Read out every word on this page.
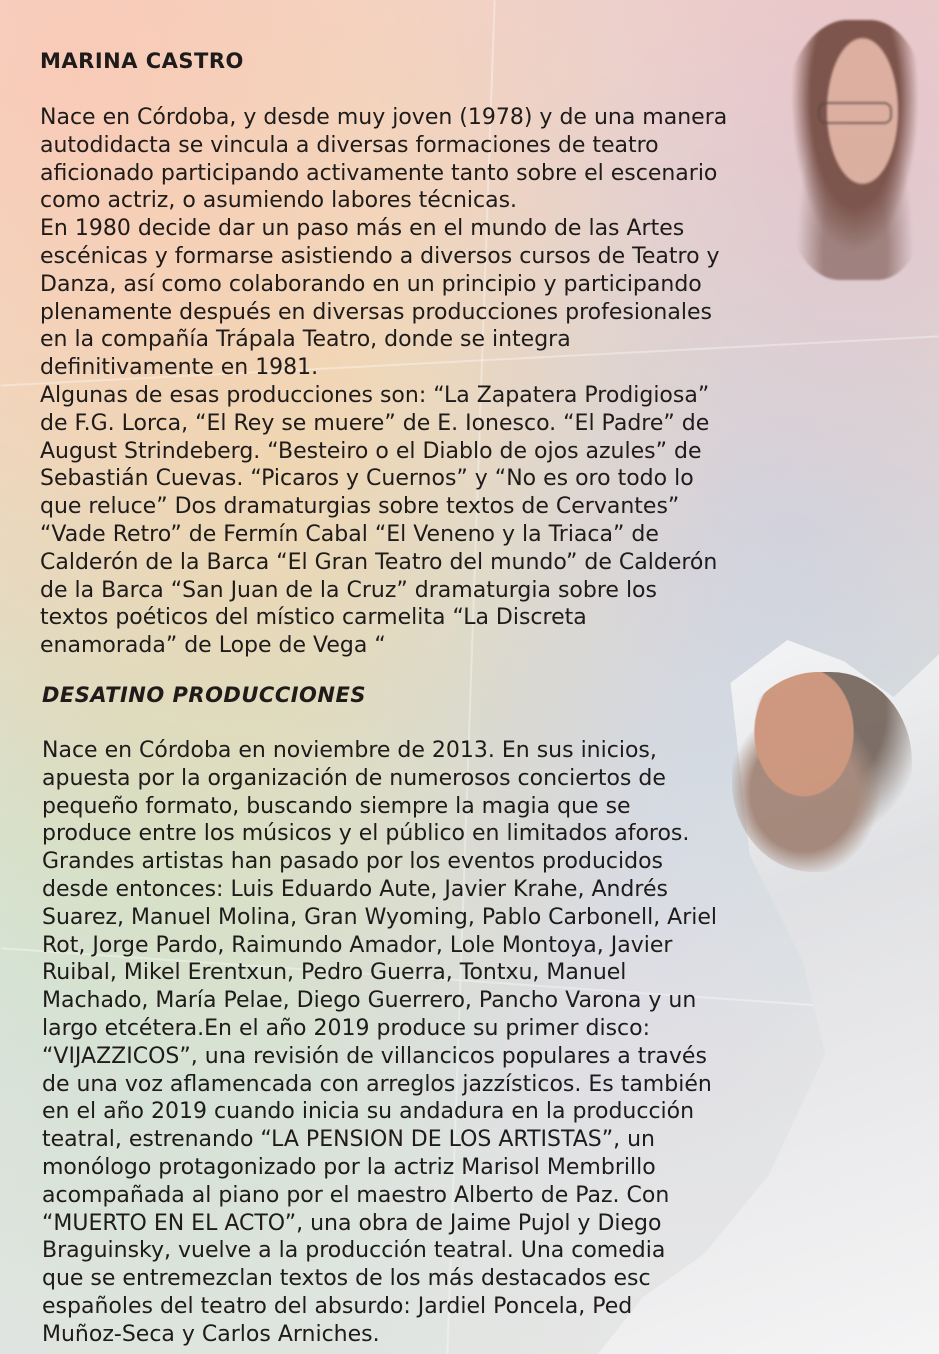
MARINA CASTRO

Nace en Córdoba, y desde muy joven (1978) y de una manera
autodidacta se vincula a diversas formaciones de teatro
aficionado participando activamente tanto sobre el escenario
como actriz, o asumiendo labores técnicas.
En 1980 decide dar un paso más en el mundo de las Artes
escénicas y formarse asistiendo a diversos cursos de Teatro y
Danza, así como colaborando en un principio y participando
plenamente después en diversas producciones profesionales
en la compañía Trápala Teatro, donde se integra
definitivamente en 1981.
Algunas de esas producciones son: “La Zapatera Prodigiosa”
de F.G. Lorca, “El Rey se muere” de E. Ionesco. “El Padre” de
August Strindeberg. “Besteiro o el Diablo de ojos azules” de
Sebastián Cuevas. “Picaros y Cuernos” y “No es oro todo lo
que reluce” Dos dramaturgias sobre textos de Cervantes”
“Vade Retro” de Fermín Cabal “El Veneno y la Triaca” de
Calderón de la Barca “El Gran Teatro del mundo” de Calderón
de la Barca “San Juan de la Cruz” dramaturgia sobre los
textos poéticos del místico carmelita “La Discreta
enamorada” de Lope de Vega “

DESATINO PRODUCCIONES

Nace en Córdoba en noviembre de 2013. En sus inicios,
apuesta por la organización de numerosos conciertos de
pequeño formato, buscando siempre la magia que se
produce entre los músicos y el público en limitados aforos.
Grandes artistas han pasado por los eventos producidos
desde entonces: Luis Eduardo Aute, Javier Krahe, Andrés
Suarez, Manuel Molina, Gran Wyoming, Pablo Carbonell, Ariel
Rot, Jorge Pardo, Raimundo Amador, Lole Montoya, Javier
Ruibal, Mikel Erentxun, Pedro Guerra, Tontxu, Manuel
Machado, María Pelae, Diego Guerrero, Pancho Varona y un
largo etcétera.En el año 2019 produce su primer disco:
“VIJAZZICOS”, una revisión de villancicos populares a través
de una voz aflamencada con arreglos jazzísticos. Es también
en el año 2019 cuando inicia su andadura en la producción
teatral, estrenando “LA PENSION DE LOS ARTISTAS”, un
monólogo protagonizado por la actriz Marisol Membrillo
acompañada al piano por el maestro Alberto de Paz. Con
“MUERTO EN EL ACTO”, una obra de Jaime Pujol y Diego
Braguinsky, vuelve a la producción teatral. Una comedia
que se entremezclan textos de los más destacados esc
españoles del teatro del absurdo: Jardiel Poncela, Ped
Muñoz-Seca y Carlos Arniches.
